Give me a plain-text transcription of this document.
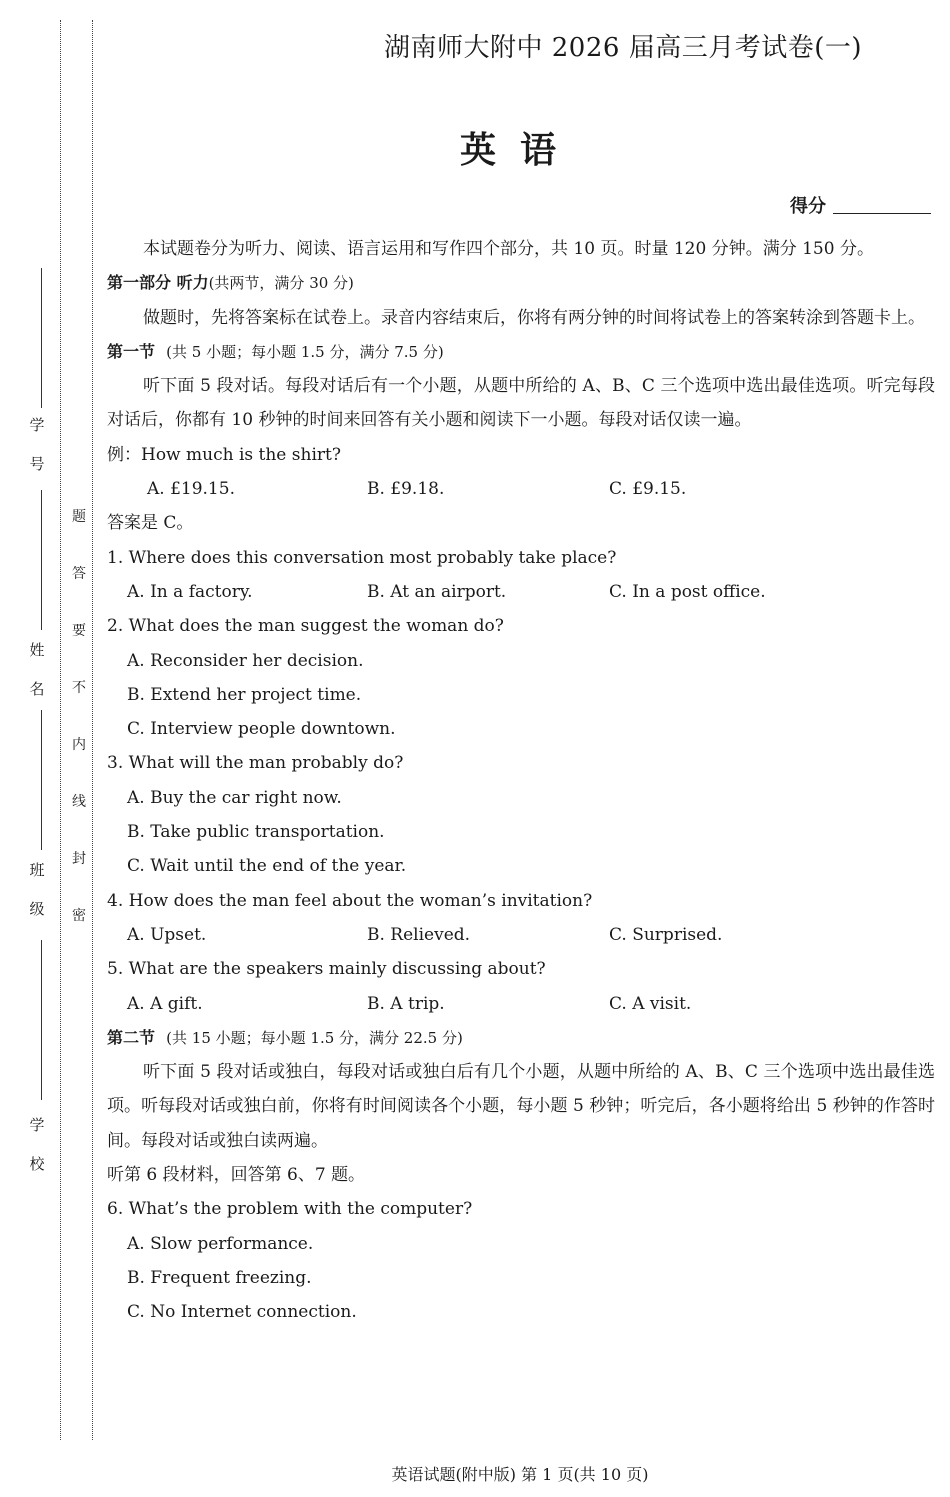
学
号
姓
名
班
级
学
校
题
答
要
不
内
线
封
密
湖南师大附中 2026 届高三月考试卷(一)
英语
得分

本试题卷分为听力、阅读、语言运用和写作四个部分，共 10 页。时量 120 分钟。满分 150 分。

第一部分 听力(共两节，满分 30 分)

做题时，先将答案标在试卷上。录音内容结束后，你将有两分钟的时间将试卷上的答案转涂到答题卡上。

第一节 (共 5 小题；每小题 1.5 分，满分 7.5 分)

听下面 5 段对话。每段对话后有一个小题，从题中所给的 A、B、C 三个选项中选出最佳选项。听完每段对话后，你都有 10 秒钟的时间来回答有关小题和阅读下一小题。每段对话仅读一遍。

例：How much is the shirt?

A. £19.15.	B. £9.18.	C. £9.15.

答案是 C。

1. Where does this conversation most probably take place?

A. In a factory.	B. At an airport.	C. In a post office.

2. What does the man suggest the woman do?

A. Reconsider her decision.

B. Extend her project time.

C. Interview people downtown.

3. What will the man probably do?

A. Buy the car right now.

B. Take public transportation.

C. Wait until the end of the year.

4. How does the man feel about the woman’s invitation?

A. Upset.	B. Relieved.	C. Surprised.

5. What are the speakers mainly discussing about?

A. A gift.	B. A trip.	C. A visit.

第二节 (共 15 小题；每小题 1.5 分，满分 22.5 分)

听下面 5 段对话或独白，每段对话或独白后有几个小题，从题中所给的 A、B、C 三个选项中选出最佳选项。听每段对话或独白前，你将有时间阅读各个小题，每小题 5 秒钟；听完后，各小题将给出 5 秒钟的作答时间。每段对话或独白读两遍。

听第 6 段材料，回答第 6、7 题。

6. What’s the problem with the computer?

A. Slow performance.

B. Frequent freezing.

C. No Internet connection.

英语试题(附中版) 第 1 页(共 10 页)
